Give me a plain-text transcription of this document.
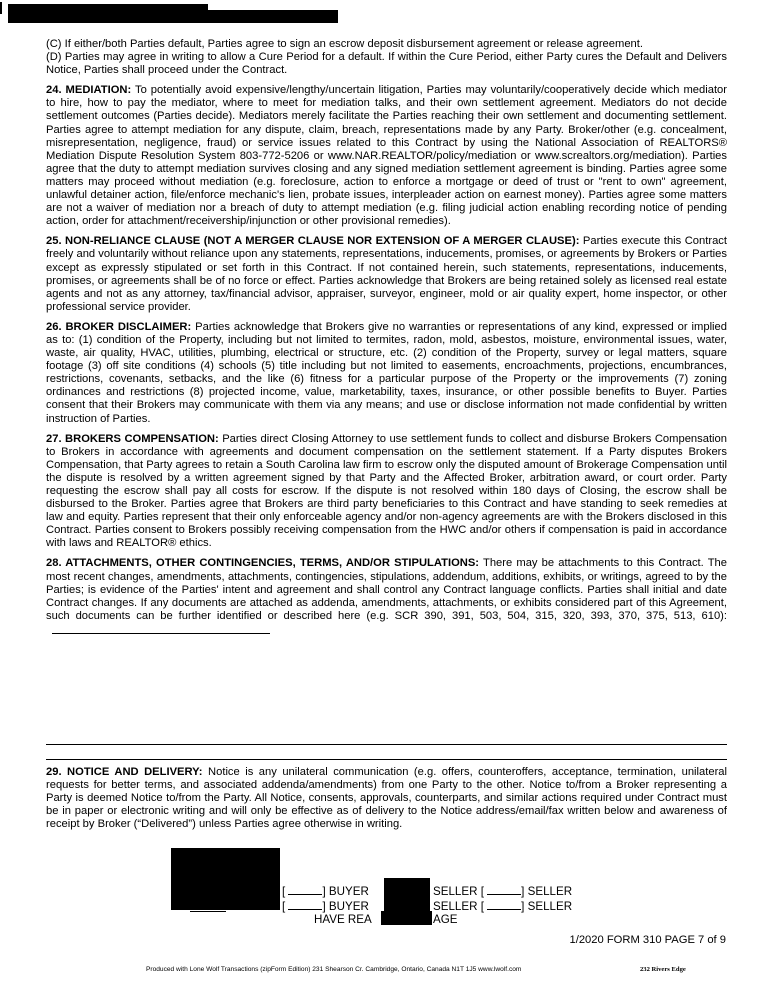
(C) If either/both Parties default, Parties agree to sign an escrow deposit disbursement agreement or release agreement.
(D) Parties may agree in writing to allow a Cure Period for a default. If within the Cure Period, either Party cures the Default and Delivers Notice, Parties shall proceed under the Contract.

24. MEDIATION: To potentially avoid expensive/lengthy/uncertain litigation, Parties may voluntarily/cooperatively decide which mediator to hire, how to pay the mediator, where to meet for mediation talks, and their own settlement agreement. Mediators do not decide settlement outcomes (Parties decide). Mediators merely facilitate the Parties reaching their own settlement and documenting settlement. Parties agree to attempt mediation for any dispute, claim, breach, representations made by any Party. Broker/other (e.g. concealment, misrepresentation, negligence, fraud) or service issues related to this Contract by using the National Association of REALTORS® Mediation Dispute Resolution System 803-772-5206 or www.NAR.REALTOR/policy/mediation or www.screaltors.org/mediation). Parties agree that the duty to attempt mediation survives closing and any signed mediation settlement agreement is binding. Parties agree some matters may proceed without mediation (e.g. foreclosure, action to enforce a mortgage or deed of trust or "rent to own" agreement, unlawful detainer action, file/enforce mechanic's lien, probate issues, interpleader action on earnest money). Parties agree some matters are not a waiver of mediation nor a breach of duty to attempt mediation (e.g. filing judicial action enabling recording notice of pending action, order for attachment/receivership/injunction or other provisional remedies).

25. NON-RELIANCE CLAUSE (NOT A MERGER CLAUSE NOR EXTENSION OF A MERGER CLAUSE): Parties execute this Contract freely and voluntarily without reliance upon any statements, representations, inducements, promises, or agreements by Brokers or Parties except as expressly stipulated or set forth in this Contract. If not contained herein, such statements, representations, inducements, promises, or agreements shall be of no force or effect. Parties acknowledge that Brokers are being retained solely as licensed real estate agents and not as any attorney, tax/financial advisor, appraiser, surveyor, engineer, mold or air quality expert, home inspector, or other professional service provider.

26. BROKER DISCLAIMER: Parties acknowledge that Brokers give no warranties or representations of any kind, expressed or implied as to: (1) condition of the Property, including but not limited to termites, radon, mold, asbestos, moisture, environmental issues, water, waste, air quality, HVAC, utilities, plumbing, electrical or structure, etc. (2) condition of the Property, survey or legal matters, square footage (3) off site conditions (4) schools (5) title including but not limited to easements, encroachments, projections, encumbrances, restrictions, covenants, setbacks, and the like (6) fitness for a particular purpose of the Property or the improvements (7) zoning ordinances and restrictions (8) projected income, value, marketability, taxes, insurance, or other possible benefits to Buyer. Parties consent that their Brokers may communicate with them via any means; and use or disclose information not made confidential by written instruction of Parties.

27. BROKERS COMPENSATION: Parties direct Closing Attorney to use settlement funds to collect and disburse Brokers Compensation to Brokers in accordance with agreements and document compensation on the settlement statement. If a Party disputes Brokers Compensation, that Party agrees to retain a South Carolina law firm to escrow only the disputed amount of Brokerage Compensation until the dispute is resolved by a written agreement signed by that Party and the Affected Broker, arbitration award, or court order. Party requesting the escrow shall pay all costs for escrow. If the dispute is not resolved within 180 days of Closing, the escrow shall be disbursed to the Broker. Parties agree that Brokers are third party beneficiaries to this Contract and have standing to seek remedies at law and equity. Parties represent that their only enforceable agency and/or non-agency agreements are with the Brokers disclosed in this Contract. Parties consent to Brokers possibly receiving compensation from the HWC and/or others if compensation is paid in accordance with laws and REALTOR® ethics.

28. ATTACHMENTS, OTHER CONTINGENCIES, TERMS, AND/OR STIPULATIONS: There may be attachments to this Contract. The most recent changes, amendments, attachments, contingencies, stipulations, addendum, additions, exhibits, or writings, agreed to by the Parties; is evidence of the Parties' intent and agreement and shall control any Contract language conflicts. Parties shall initial and date Contract changes. If any documents are attached as addenda, amendments, attachments, or exhibits considered part of this Agreement, such documents can be further identified or described here (e.g. SCR 390, 391, 503, 504, 315, 320, 393, 370, 375, 513, 610):

29. NOTICE AND DELIVERY: Notice is any unilateral communication (e.g. offers, counteroffers, acceptance, termination, unilateral requests for better terms, and associated addenda/amendments) from one Party to the other. Notice to/from a Broker representing a Party is deemed Notice to/from the Party. All Notice, consents, approvals, counterparts, and similar actions required under Contract must be in paper or electronic writing and will only be effective as of delivery to the Notice address/email/fax written below and awareness of receipt by Broker (“Delivered”) unless Parties agree otherwise in writing.

[	] BUYER
[	] BUYER
SELLER [	] SELLER
SELLER [	] SELLER
HAVE REA	AGE
1/2020 FORM 310 PAGE 7 of 9
Produced with Lone Wolf Transactions (zipForm Edition) 231 Shearson Cr. Cambridge, Ontario, Canada N1T 1J5 www.lwolf.com	232 Rivers Edge
